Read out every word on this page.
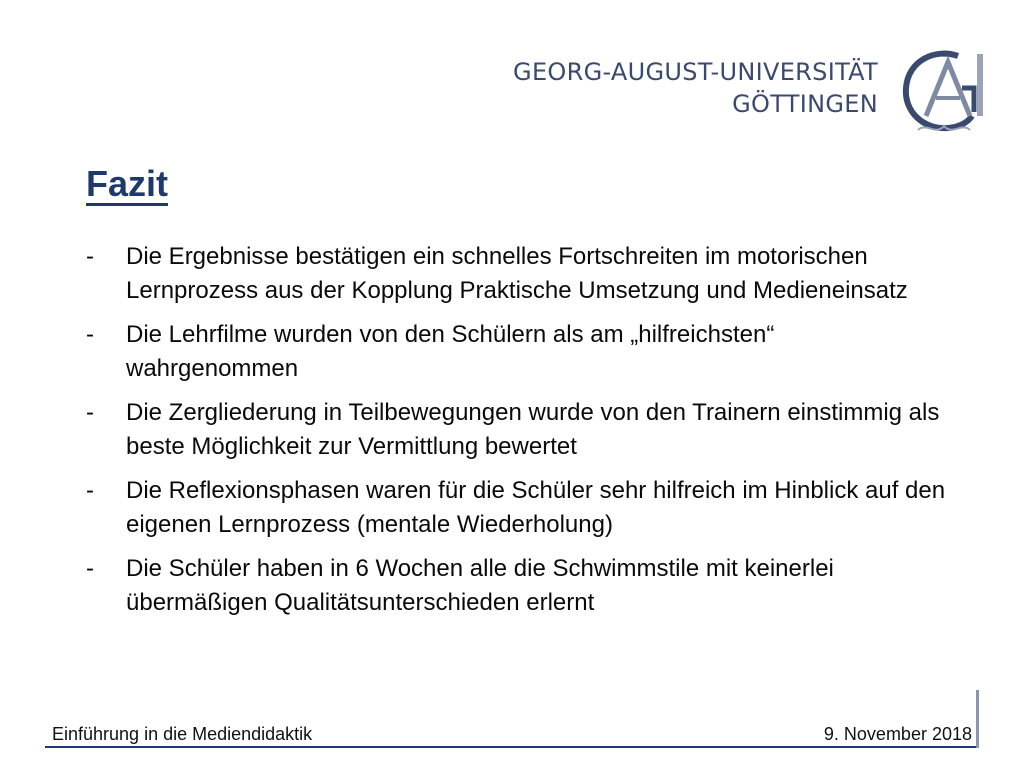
GEORG-AUGUST-UNIVERSITÄT
GÖTTINGEN
Fazit
-	Die Ergebnisse bestätigen ein schnelles Fortschreiten im motorischen Lernprozess aus der Kopplung Praktische Umsetzung und Medieneinsatz
-	Die Lehrfilme wurden von den Schülern als am „hilfreichsten“ wahrgenommen
-	Die Zergliederung in Teilbewegungen wurde von den Trainern einstimmig als beste Möglichkeit zur Vermittlung bewertet
-	Die Reflexionsphasen waren für die Schüler sehr hilfreich im Hinblick auf den eigenen Lernprozess (mentale Wiederholung)
-	Die Schüler haben in 6 Wochen alle die Schwimmstile mit keinerlei übermäßigen Qualitätsunterschieden erlernt
Einführung in die Mediendidaktik	9. November 2018
